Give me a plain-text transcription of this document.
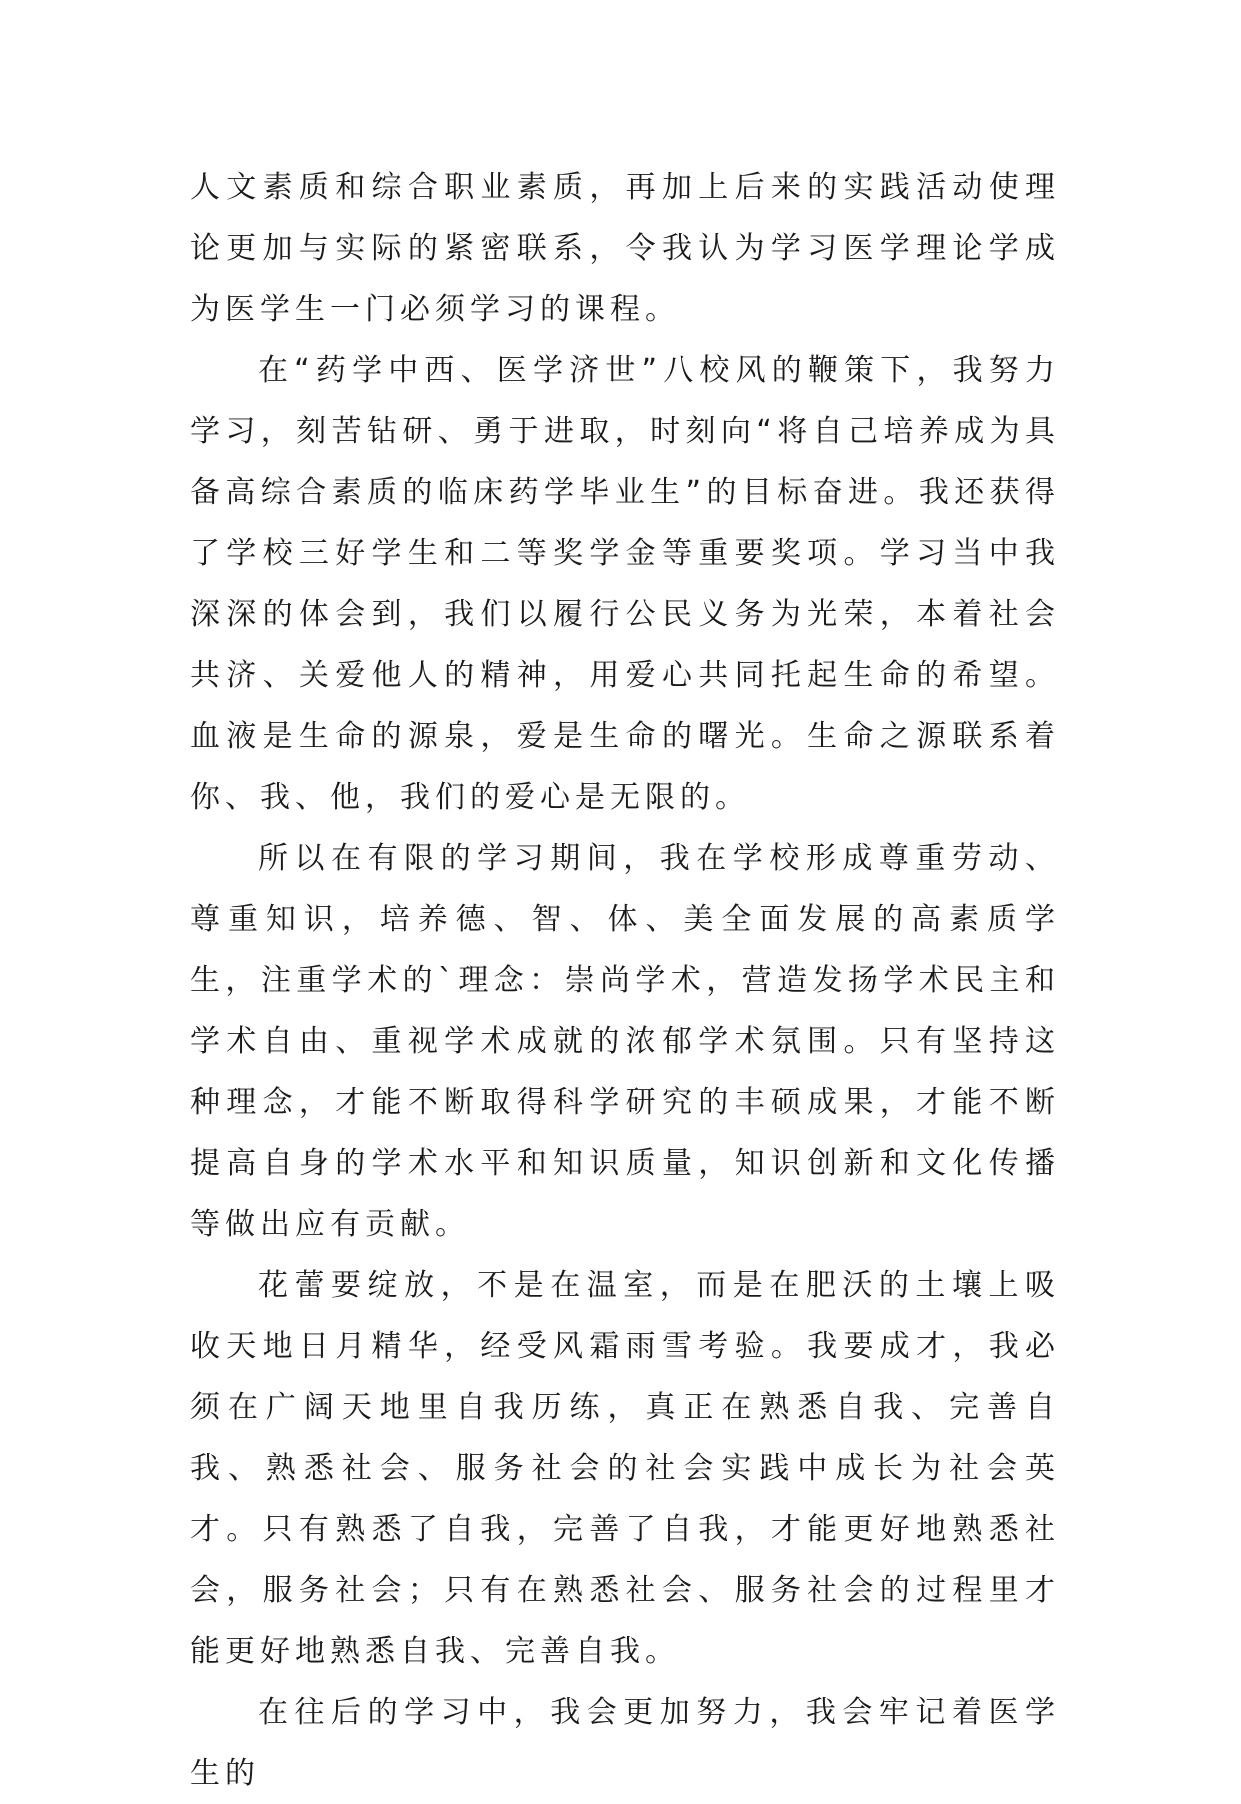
人文素质和综合职业素质，再加上后来的实践活动使理论更加与实际的紧密联系，令我认为学习医学理论学成为医学生一门必须学习的课程。

在“药学中西、医学济世”八校风的鞭策下，我努力学习，刻苦钻研、勇于进取，时刻向“将自己培养成为具备高综合素质的临床药学毕业生”的目标奋进。我还获得了学校三好学生和二等奖学金等重要奖项。学习当中我深深的体会到，我们以履行公民义务为光荣，本着社会共济、关爱他人的精神，用爱心共同托起生命的希望。血液是生命的源泉，爱是生命的曙光。生命之源联系着你、我、他，我们的爱心是无限的。

所以在有限的学习期间，我在学校形成尊重劳动、尊重知识，培养德、智、体、美全面发展的高素质学生，注重学术的`理念：崇尚学术，营造发扬学术民主和学术自由、重视学术成就的浓郁学术氛围。只有坚持这种理念，才能不断取得科学研究的丰硕成果，才能不断提高自身的学术水平和知识质量，知识创新和文化传播等做出应有贡献。

花蕾要绽放，不是在温室，而是在肥沃的土壤上吸收天地日月精华，经受风霜雨雪考验。我要成才，我必须在广阔天地里自我历练，真正在熟悉自我、完善自我、熟悉社会、服务社会的社会实践中成长为社会英才。只有熟悉了自我，完善了自我，才能更好地熟悉社会，服务社会；只有在熟悉社会、服务社会的过程里才能更好地熟悉自我、完善自我。

在往后的学习中，我会更加努力，我会牢记着医学生的
